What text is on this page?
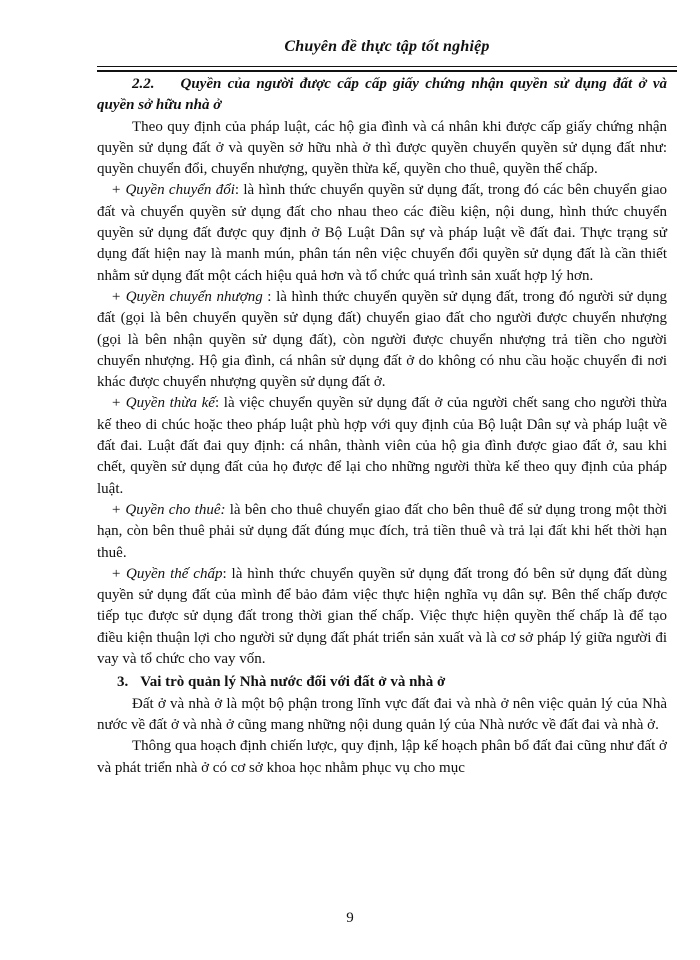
Chuyên đề thực tập tốt nghiệp

2.2. Quyền của người được cấp cấp giấy chứng nhận quyền sử dụng đất ở và quyền sở hữu nhà ở

Theo quy định của pháp luật, các hộ gia đình và cá nhân khi được cấp giấy chứng nhận quyền sử dụng đất ở và quyền sở hữu nhà ở thì được quyền chuyển quyền sử dụng đất như: quyền chuyển đổi, chuyển nhượng, quyền thừa kế, quyền cho thuê, quyền thế chấp.

+ Quyền chuyển đổi: là hình thức chuyển quyền sử dụng đất, trong đó các bên chuyển giao đất và chuyển quyền sử dụng đất cho nhau theo các điều kiện, nội dung, hình thức chuyển quyền sử dụng đất được quy định ở Bộ Luật Dân sự và pháp luật về đất đai. Thực trạng sử dụng đất hiện nay là manh mún, phân tán nên việc chuyển đổi quyền sử dụng đất là cần thiết nhằm sử dụng đất một cách hiệu quả hơn và tổ chức quá trình sản xuất hợp lý hơn.

+ Quyền chuyển nhượng : là hình thức chuyển quyền sử dụng đất, trong đó người sử dụng đất (gọi là bên chuyển quyền sử dụng đất) chuyển giao đất cho người được chuyển nhượng (gọi là bên nhận quyền sử dụng đất), còn người được chuyển nhượng trả tiền cho người chuyển nhượng. Hộ gia đình, cá nhân sử dụng đất ở do không có nhu cầu hoặc chuyển đi nơi khác được chuyển nhượng quyền sử dụng đất ở.

+ Quyền thừa kế: là việc chuyển quyền sử dụng đất ở của người chết sang cho người thừa kế theo di chúc hoặc theo pháp luật phù hợp với quy định của Bộ luật Dân sự và pháp luật về đất đai. Luật đất đai quy định: cá nhân, thành viên của hộ gia đình được giao đất ở, sau khi chết, quyền sử dụng đất của họ được để lại cho những người thừa kế theo quy định của pháp luật.

+ Quyền cho thuê: là bên cho thuê chuyển giao đất cho bên thuê để sử dụng trong một thời hạn, còn bên thuê phải sử dụng đất đúng mục đích, trả tiền thuê và trả lại đất khi hết thời hạn thuê.

+ Quyền thế chấp: là hình thức chuyển quyền sử dụng đất trong đó bên sử dụng đất dùng quyền sử dụng đất của mình để bảo đảm việc thực hiện nghĩa vụ dân sự. Bên thế chấp được tiếp tục được sử dụng đất trong thời gian thế chấp. Việc thực hiện quyền thế chấp là để tạo điều kiện thuận lợi cho người sử dụng đất phát triển sản xuất và là cơ sở pháp lý giữa người đi vay và tổ chức cho vay vốn.

3. Vai trò quản lý Nhà nước đối với đất ở và nhà ở

Đất ở và nhà ở là một bộ phận trong lĩnh vực đất đai và nhà ở nên việc quản lý của Nhà nước về đất ở và nhà ở cũng mang những nội dung quản lý của Nhà nước về đất đai và nhà ở.

Thông qua hoạch định chiến lược, quy định, lập kế hoạch phân bổ đất đai cũng như đất ở và phát triển nhà ở có cơ sở khoa học nhằm phục vụ cho mục

9
